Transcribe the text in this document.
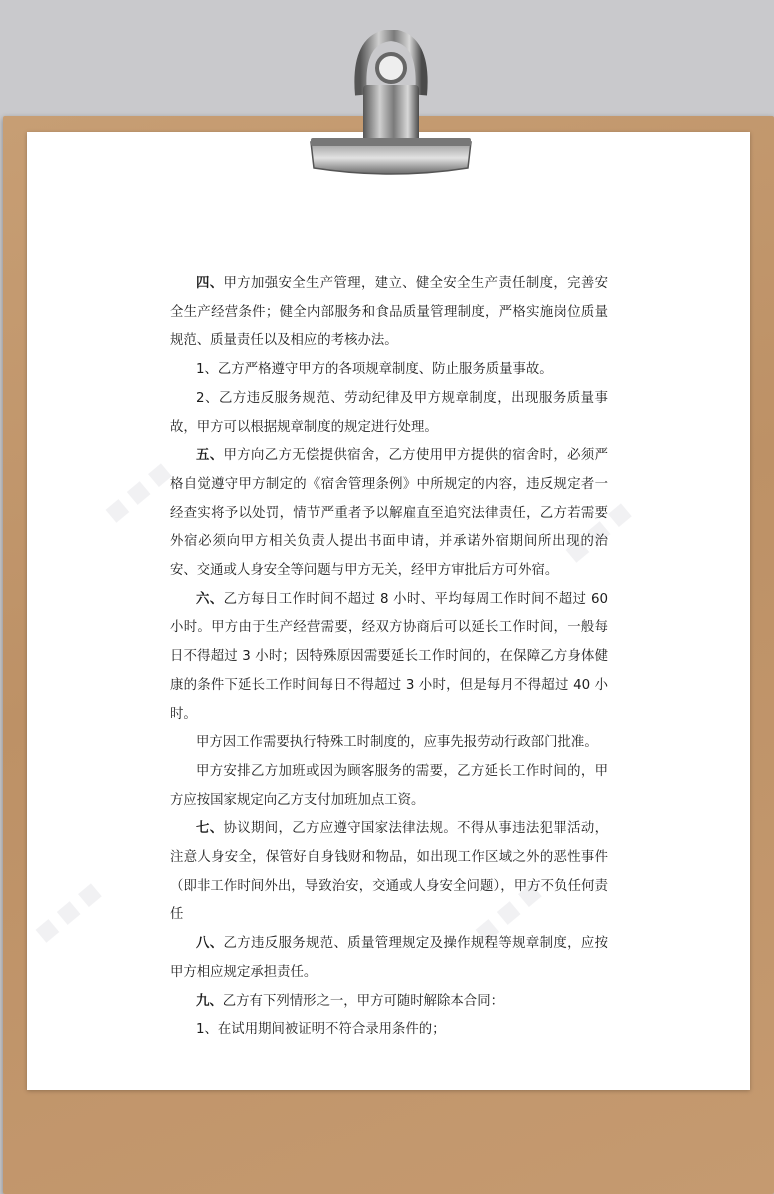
四、甲方加强安全生产管理，建立、健全安全生产责任制度，完善安全生产经营条件；健全内部服务和食品质量管理制度，严格实施岗位质量规范、质量责任以及相应的考核办法。

1、乙方严格遵守甲方的各项规章制度、防止服务质量事故。

2、乙方违反服务规范、劳动纪律及甲方规章制度，出现服务质量事故，甲方可以根据规章制度的规定进行处理。

五、甲方向乙方无偿提供宿舍，乙方使用甲方提供的宿舍时，必须严格自觉遵守甲方制定的《宿舍管理条例》中所规定的内容，违反规定者一经查实将予以处罚，情节严重者予以解雇直至追究法律责任，乙方若需要外宿必须向甲方相关负责人提出书面申请，并承诺外宿期间所出现的治安、交通或人身安全等问题与甲方无关，经甲方审批后方可外宿。

六、乙方每日工作时间不超过 8 小时、平均每周工作时间不超过 60 小时。甲方由于生产经营需要，经双方协商后可以延长工作时间，一般每日不得超过 3 小时；因特殊原因需要延长工作时间的，在保障乙方身体健康的条件下延长工作时间每日不得超过 3 小时，但是每月不得超过 40 小时。

甲方因工作需要执行特殊工时制度的，应事先报劳动行政部门批准。

甲方安排乙方加班或因为顾客服务的需要，乙方延长工作时间的，甲方应按国家规定向乙方支付加班加点工资。

七、协议期间，乙方应遵守国家法律法规。不得从事违法犯罪活动，注意人身安全，保管好自身钱财和物品，如出现工作区域之外的恶性事件（即非工作时间外出，导致治安，交通或人身安全问题），甲方不负任何责任

八、乙方违反服务规范、质量管理规定及操作规程等规章制度，应按甲方相应规定承担责任。

九、乙方有下列情形之一，甲方可随时解除本合同：

1、在试用期间被证明不符合录用条件的；
